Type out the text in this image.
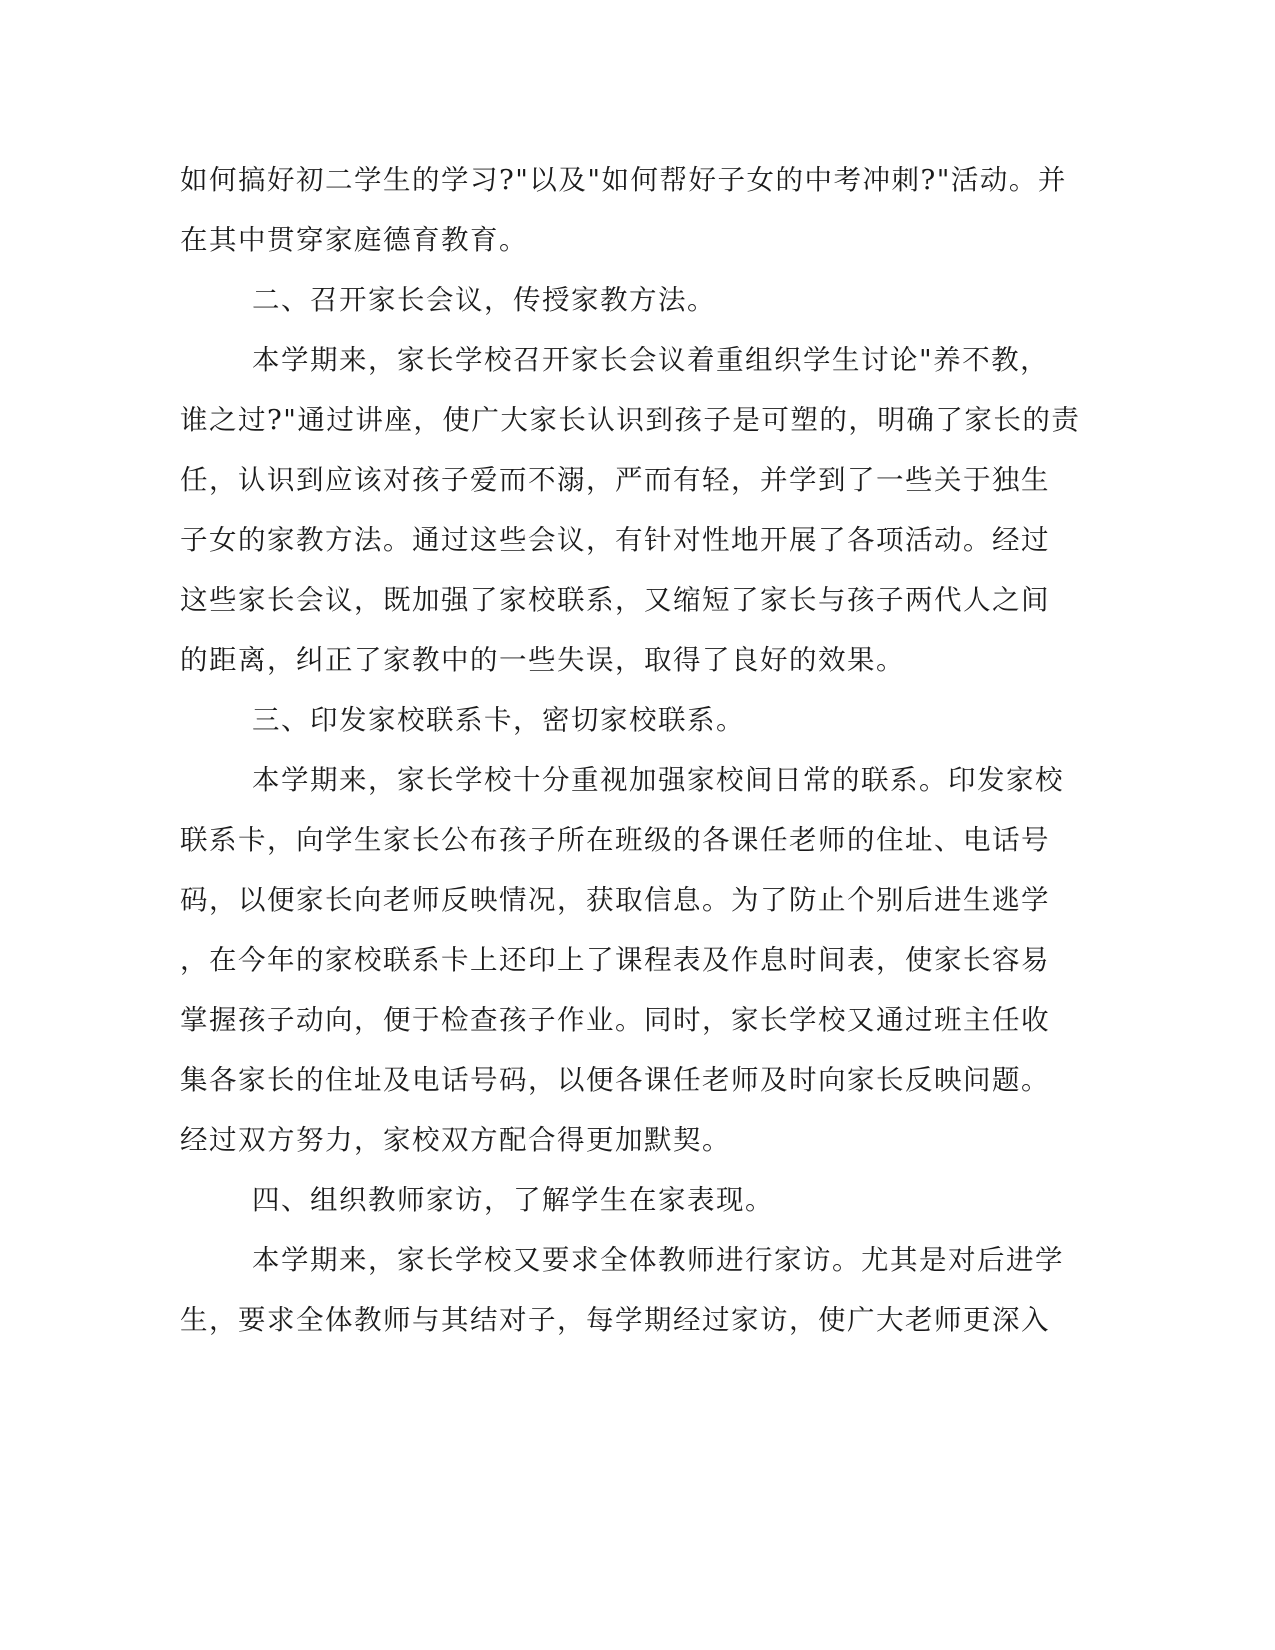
如何搞好初二学生的学习?"以及"如何帮好子女的中考冲刺?"活动。并
在其中贯穿家庭德育教育。
二、召开家长会议，传授家教方法。
本学期来，家长学校召开家长会议着重组织学生讨论"养不教，
谁之过?"通过讲座，使广大家长认识到孩子是可塑的，明确了家长的责
任，认识到应该对孩子爱而不溺，严而有轻，并学到了一些关于独生
子女的家教方法。通过这些会议，有针对性地开展了各项活动。经过
这些家长会议，既加强了家校联系，又缩短了家长与孩子两代人之间
的距离，纠正了家教中的一些失误，取得了良好的效果。
三、印发家校联系卡，密切家校联系。
本学期来，家长学校十分重视加强家校间日常的联系。印发家校
联系卡，向学生家长公布孩子所在班级的各课任老师的住址、电话号
码，以便家长向老师反映情况，获取信息。为了防止个别后进生逃学
，在今年的家校联系卡上还印上了课程表及作息时间表，使家长容易
掌握孩子动向，便于检查孩子作业。同时，家长学校又通过班主任收
集各家长的住址及电话号码，以便各课任老师及时向家长反映问题。
经过双方努力，家校双方配合得更加默契。
四、组织教师家访，了解学生在家表现。
本学期来，家长学校又要求全体教师进行家访。尤其是对后进学
生，要求全体教师与其结对子，每学期经过家访，使广大老师更深入
